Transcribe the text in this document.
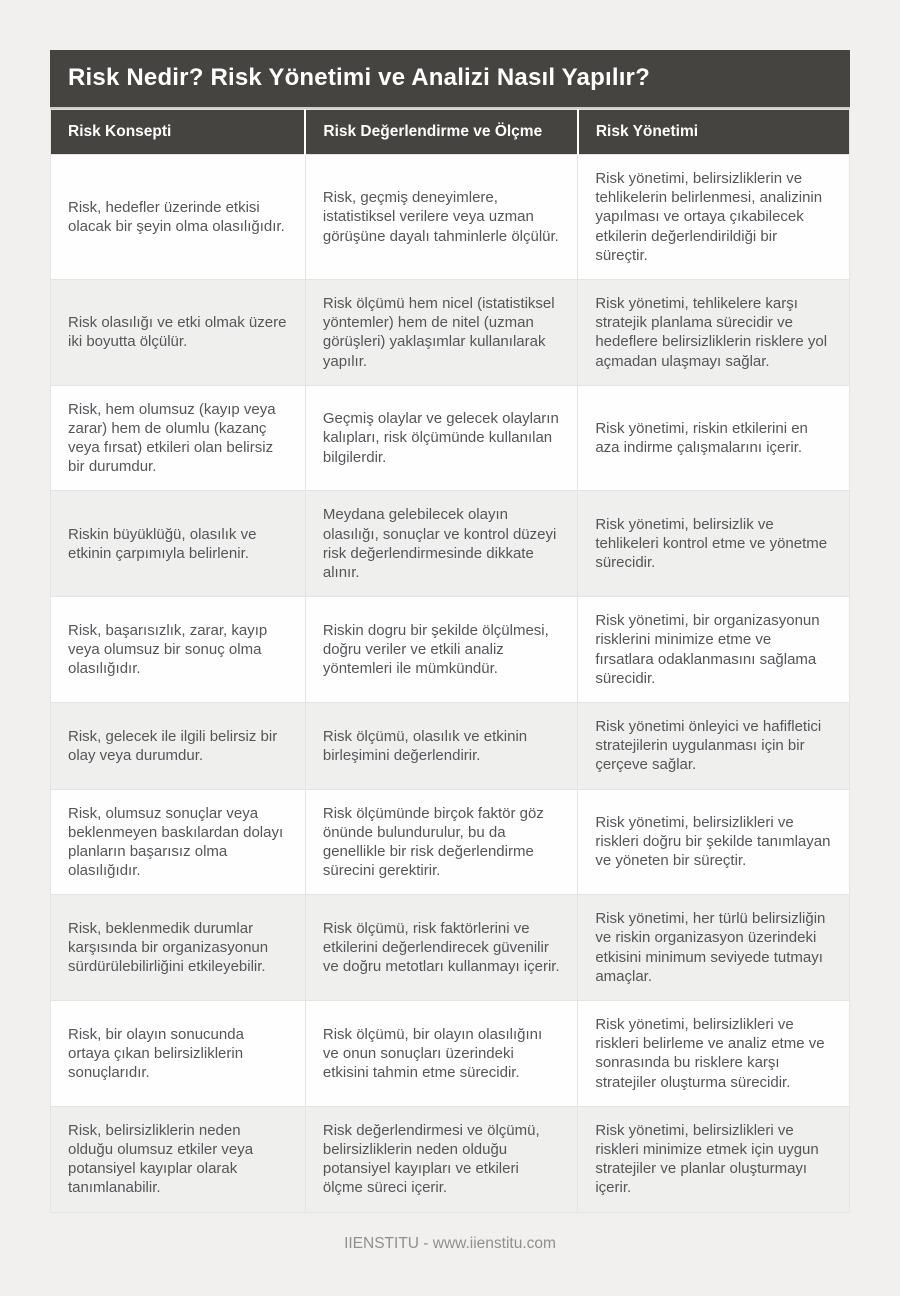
Risk Nedir? Risk Yönetimi ve Analizi Nasıl Yapılır?
Risk Konsepti	Risk Değerlendirme ve Ölçme	Risk Yönetimi
Risk, hedefler üzerinde etkisi olacak bir şeyin olma olasılığıdır.	Risk, geçmiş deneyimlere, istatistiksel verilere veya uzman görüşüne dayalı tahminlerle ölçülür.	Risk yönetimi, belirsizliklerin ve tehlikelerin belirlenmesi, analizinin yapılması ve ortaya çıkabilecek etkilerin değerlendirildiği bir süreçtir.
Risk olasılığı ve etki olmak üzere iki boyutta ölçülür.	Risk ölçümü hem nicel (istatistiksel yöntemler) hem de nitel (uzman görüşleri) yaklaşımlar kullanılarak yapılır.	Risk yönetimi, tehlikelere karşı stratejik planlama sürecidir ve hedeflere belirsizliklerin risklere yol açmadan ulaşmayı sağlar.
Risk, hem olumsuz (kayıp veya zarar) hem de olumlu (kazanç veya fırsat) etkileri olan belirsiz bir durumdur.	Geçmiş olaylar ve gelecek olayların kalıpları, risk ölçümünde kullanılan bilgilerdir.	Risk yönetimi, riskin etkilerini en aza indirme çalışmalarını içerir.
Riskin büyüklüğü, olasılık ve etkinin çarpımıyla belirlenir.	Meydana gelebilecek olayın olasılığı, sonuçlar ve kontrol düzeyi risk değerlendirmesinde dikkate alınır.	Risk yönetimi, belirsizlik ve tehlikeleri kontrol etme ve yönetme sürecidir.
Risk, başarısızlık, zarar, kayıp veya olumsuz bir sonuç olma olasılığıdır.	Riskin dogru bir şekilde ölçülmesi, doğru veriler ve etkili analiz yöntemleri ile mümkündür.	Risk yönetimi, bir organizasyonun risklerini minimize etme ve fırsatlara odaklanmasını sağlama sürecidir.
Risk, gelecek ile ilgili belirsiz bir olay veya durumdur.	Risk ölçümü, olasılık ve etkinin birleşimini değerlendirir.	Risk yönetimi önleyici ve hafifletici stratejilerin uygulanması için bir çerçeve sağlar.
Risk, olumsuz sonuçlar veya beklenmeyen baskılardan dolayı planların başarısız olma olasılığıdır.	Risk ölçümünde birçok faktör göz önünde bulundurulur, bu da genellikle bir risk değerlendirme sürecini gerektirir.	Risk yönetimi, belirsizlikleri ve riskleri doğru bir şekilde tanımlayan ve yöneten bir süreçtir.
Risk, beklenmedik durumlar karşısında bir organizasyonun sürdürülebilirliğini etkileyebilir.	Risk ölçümü, risk faktörlerini ve etkilerini değerlendirecek güvenilir ve doğru metotları kullanmayı içerir.	Risk yönetimi, her türlü belirsizliğin ve riskin organizasyon üzerindeki etkisini minimum seviyede tutmayı amaçlar.
Risk, bir olayın sonucunda ortaya çıkan belirsizliklerin sonuçlarıdır.	Risk ölçümü, bir olayın olasılığını ve onun sonuçları üzerindeki etkisini tahmin etme sürecidir.	Risk yönetimi, belirsizlikleri ve riskleri belirleme ve analiz etme ve sonrasında bu risklere karşı stratejiler oluşturma sürecidir.
Risk, belirsizliklerin neden olduğu olumsuz etkiler veya potansiyel kayıplar olarak tanımlanabilir.	Risk değerlendirmesi ve ölçümü, belirsizliklerin neden olduğu potansiyel kayıpları ve etkileri ölçme süreci içerir.	Risk yönetimi, belirsizlikleri ve riskleri minimize etmek için uygun stratejiler ve planlar oluşturmayı içerir.
IIENSTITU - www.iienstitu.com
